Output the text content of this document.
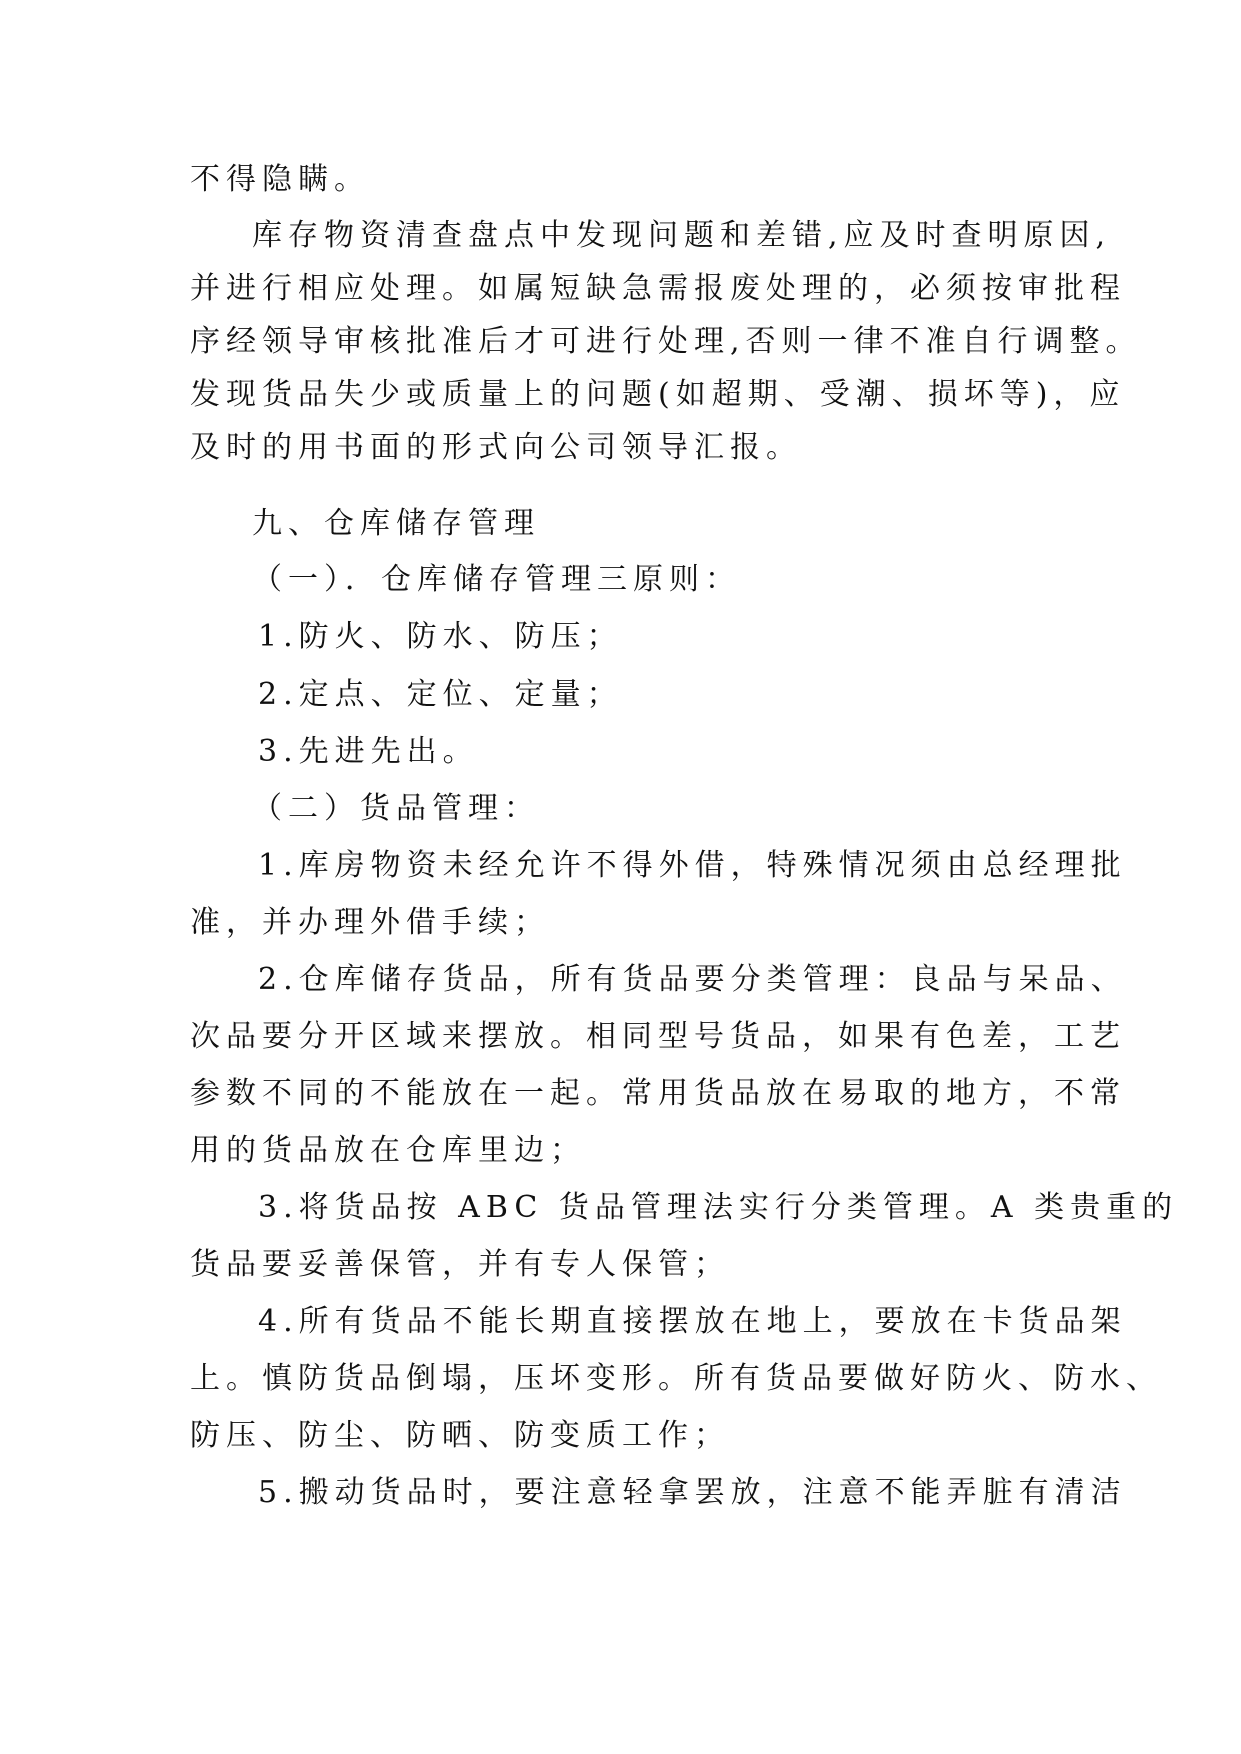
不得隐瞒。
库存物资清查盘点中发现问题和差错,应及时查明原因,
并进行相应处理。如属短缺急需报废处理的，必须按审批程
序经领导审核批准后才可进行处理,否则一律不准自行调整。
发现货品失少或质量上的问题(如超期、受潮、损坏等)，应
及时的用书面的形式向公司领导汇报。
九、仓库储存管理
（一）．仓库储存管理三原则：
1.防火、防水、防压；
2.定点、定位、定量；
3.先进先出。
（二）货品管理：
1.库房物资未经允许不得外借，特殊情况须由总经理批
准，并办理外借手续；
2.仓库储存货品，所有货品要分类管理：良品与呆品、
次品要分开区域来摆放。相同型号货品，如果有色差，工艺
参数不同的不能放在一起。常用货品放在易取的地方，不常
用的货品放在仓库里边；
3.将货品按 ABC 货品管理法实行分类管理。A 类贵重的
货品要妥善保管，并有专人保管；
4.所有货品不能长期直接摆放在地上，要放在卡货品架
上。慎防货品倒塌，压坏变形。所有货品要做好防火、防水、
防压、防尘、防晒、防变质工作；
5.搬动货品时，要注意轻拿罢放，注意不能弄脏有清洁
